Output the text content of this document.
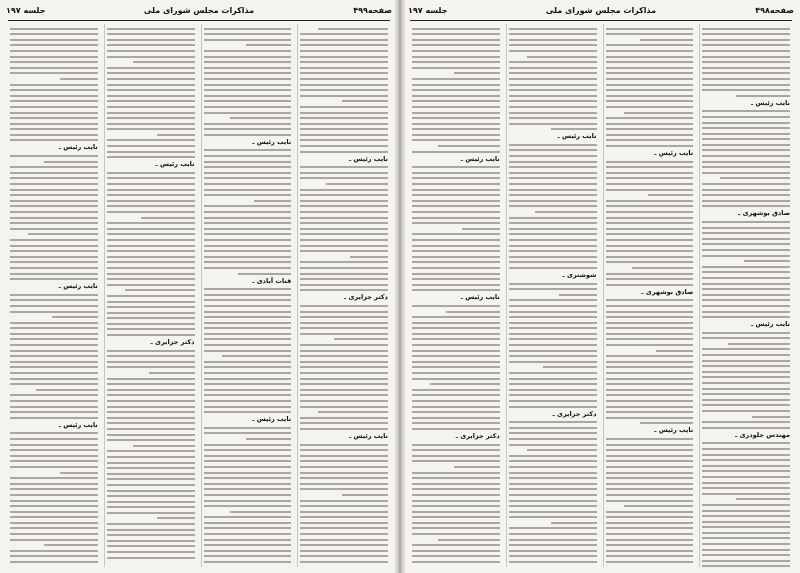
صفحه۴۹۹
مذاکرات مجلس شورای ملی
جلسه ۱۹۷
نایب رئیس ـ
دکتر جزایری ـ
نایب رئیس ـ
نایب رئیس ـ
قنات آبادی ـ
نایب رئیس ـ
نایب رئیس ـ
دکتر جزایری ـ
نایب رئیس ـ
نایب رئیس ـ
نایب رئیس ـ
صفحه۴۹۸
مذاکرات مجلس شورای ملی
جلسه ۱۹۷
نایب رئیس ـ
صادق بوشهری ـ
نایب رئیس ـ
مهندس جلودری ـ
نایب رئیس ـ
صادق بوشهری ـ
نایب رئیس ـ
نایب رئیس ـ
شوشتری ـ
دکتر جزایری ـ
نایب رئیس ـ
نایب رئیس ـ
دکتر جزایری ـ
